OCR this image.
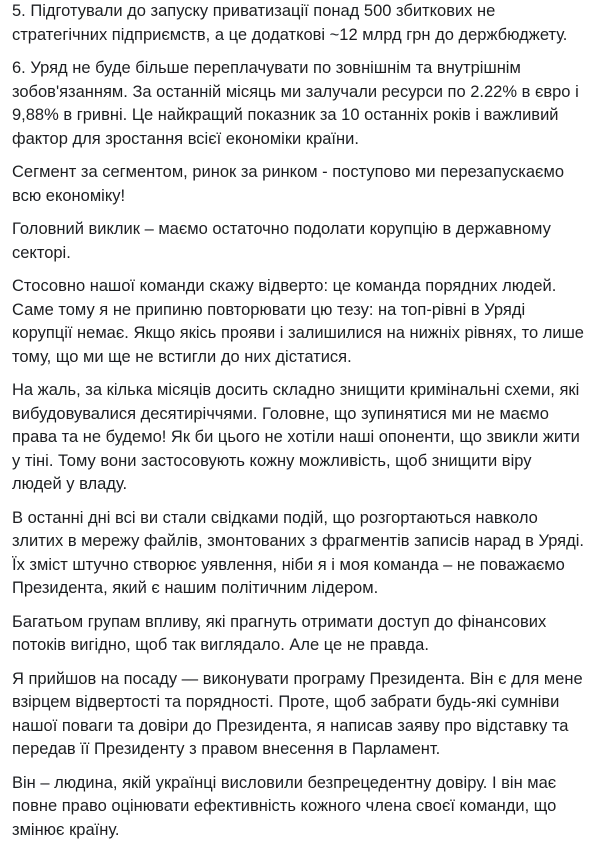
5. Підготували до запуску приватизації понад 500 збиткових не стратегічних підприємств, а це додаткові ~12 млрд грн до держбюджету.

6. Уряд не буде більше переплачувати по зовнішнім та внутрішнім зобов'язанням. За останній місяць ми залучали ресурси по 2.22% в євро і 9,88% в гривні. Це найкращий показник за 10 останніх років і важливий фактор для зростання всієї економіки країни.

Сегмент за сегментом, ринок за ринком - поступово ми перезапускаємо всю економіку!

Головний виклик – маємо остаточно подолати корупцію в державному секторі.

Стосовно нашої команди скажу відверто: це команда порядних людей. Саме тому я не припиню повторювати цю тезу: на топ-рівні в Уряді корупції немає. Якщо якісь прояви і залишилися на нижніх рівнях, то лише тому, що ми ще не встигли до них дістатися.

На жаль, за кілька місяців досить складно знищити кримінальні схеми, які вибудовувалися десятиріччями. Головне, що зупинятися ми не маємо права та не будемо! Як би цього не хотіли наші опоненти, що звикли жити у тіні. Тому вони застосовують кожну можливість, щоб знищити віру людей у владу.

В останні дні всі ви стали свідками подій, що розгортаються навколо злитих в мережу файлів, змонтованих з фрагментів записів нарад в Уряді. Їх зміст штучно створює уявлення, ніби я і моя команда – не поважаємо Президента, який є нашим політичним лідером.

Багатьом групам впливу, які прагнуть отримати доступ до фінансових потоків вигідно, щоб так виглядало. Але це не правда.

Я прийшов на посаду — виконувати програму Президента. Він є для мене взірцем відвертості та порядності. Проте, щоб забрати будь-які сумніви нашої поваги та довіри до Президента, я написав заяву про відставку та передав її Президенту з правом внесення в Парламент.

Він – людина, якій українці висловили безпрецедентну довіру. І він має повне право оцінювати ефективність кожного члена своєї команди, що змінює країну.
